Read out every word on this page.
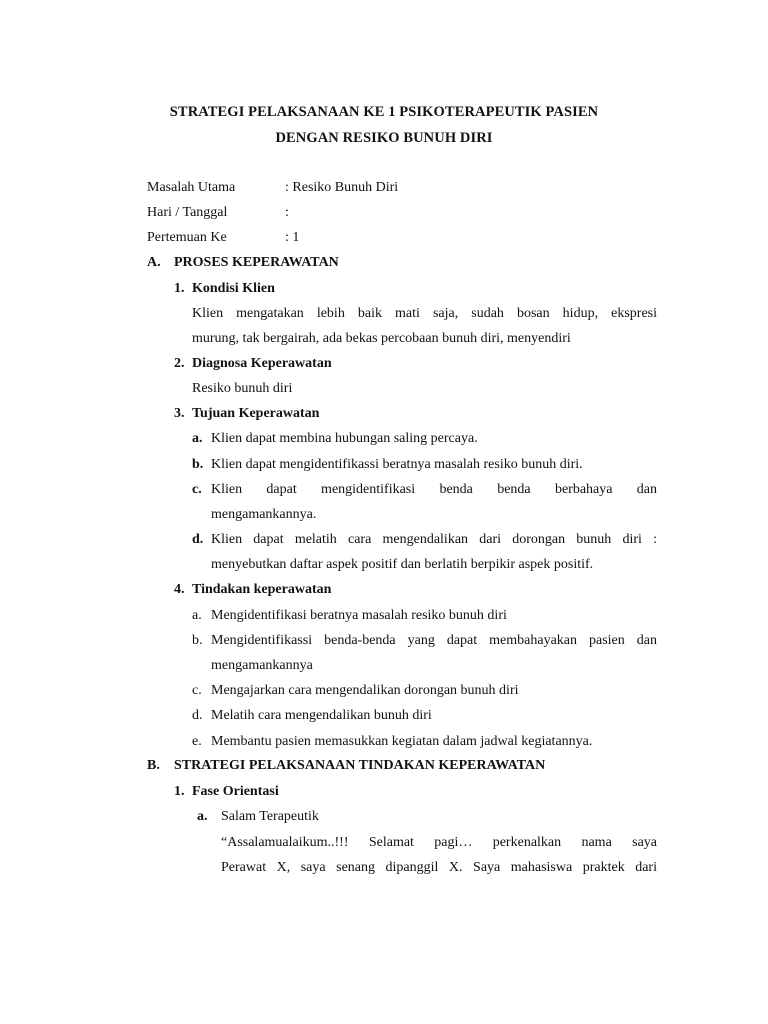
STRATEGI PELAKSANAAN KE 1 PSIKOTERAPEUTIK PASIEN
DENGAN RESIKO BUNUH DIRI
Masalah Utama	: Resiko Bunuh Diri
Hari / Tanggal	:
Pertemuan Ke	: 1
A. PROSES KEPERAWATAN
1. Kondisi Klien
Klien mengatakan lebih baik mati saja, sudah bosan hidup, ekspresi
murung, tak bergairah, ada bekas percobaan bunuh diri, menyendiri
2. Diagnosa Keperawatan
Resiko bunuh diri
3. Tujuan Keperawatan
a. Klien dapat membina hubungan saling percaya.
b. Klien dapat mengidentifikassi beratnya masalah resiko bunuh diri.
c. Klien dapat mengidentifikasi benda benda berbahaya dan
mengamankannya.
d. Klien dapat melatih cara mengendalikan dari dorongan bunuh diri :
menyebutkan daftar aspek positif dan berlatih berpikir aspek positif.
4. Tindakan keperawatan
a. Mengidentifikasi beratnya masalah resiko bunuh diri
b. Mengidentifikassi benda-benda yang dapat membahayakan pasien dan
mengamankannya
c. Mengajarkan cara mengendalikan dorongan bunuh diri
d. Melatih cara mengendalikan bunuh diri
e. Membantu pasien memasukkan kegiatan dalam jadwal kegiatannya.
B. STRATEGI PELAKSANAAN TINDAKAN KEPERAWATAN
1. Fase Orientasi
a. Salam Terapeutik
“Assalamualaikum..!!! Selamat pagi… perkenalkan nama saya
Perawat X, saya senang dipanggil X. Saya mahasiswa praktek dari
